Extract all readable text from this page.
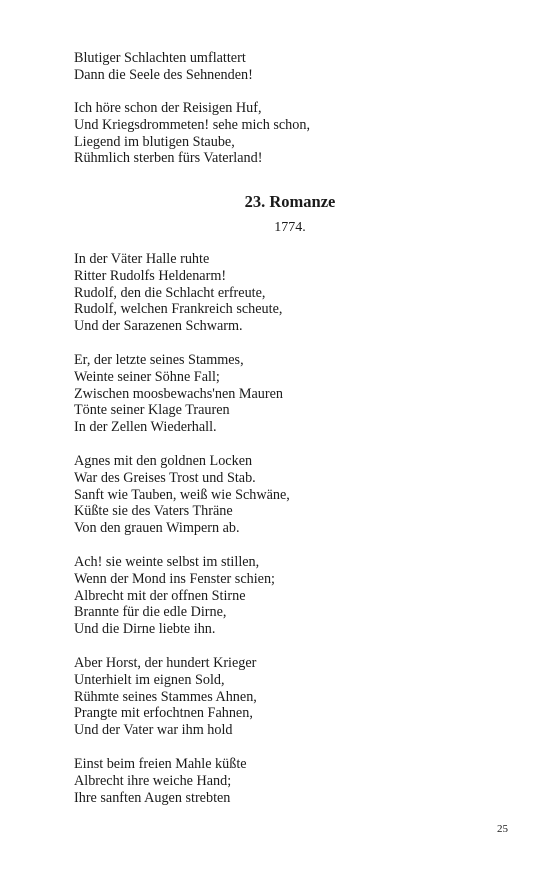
Blutiger Schlachten umflattert
Dann die Seele des Sehnenden!
Ich höre schon der Reisigen Huf,
Und Kriegsdrommeten! sehe mich schon,
Liegend im blutigen Staube,
Rühmlich sterben fürs Vaterland!
23. Romanze
1774.
In der Väter Halle ruhte
Ritter Rudolfs Heldenarm!
Rudolf, den die Schlacht erfreute,
Rudolf, welchen Frankreich scheute,
Und der Sarazenen Schwarm.
Er, der letzte seines Stammes,
Weinte seiner Söhne Fall;
Zwischen moosbewachs'nen Mauren
Tönte seiner Klage Trauren
In der Zellen Wiederhall.
Agnes mit den goldnen Locken
War des Greises Trost und Stab.
Sanft wie Tauben, weiß wie Schwäne,
Küßte sie des Vaters Thräne
Von den grauen Wimpern ab.
Ach! sie weinte selbst im stillen,
Wenn der Mond ins Fenster schien;
Albrecht mit der offnen Stirne
Brannte für die edle Dirne,
Und die Dirne liebte ihn.
Aber Horst, der hundert Krieger
Unterhielt im eignen Sold,
Rühmte seines Stammes Ahnen,
Prangte mit erfochtnen Fahnen,
Und der Vater war ihm hold
Einst beim freien Mahle küßte
Albrecht ihre weiche Hand;
Ihre sanften Augen strebten
25
